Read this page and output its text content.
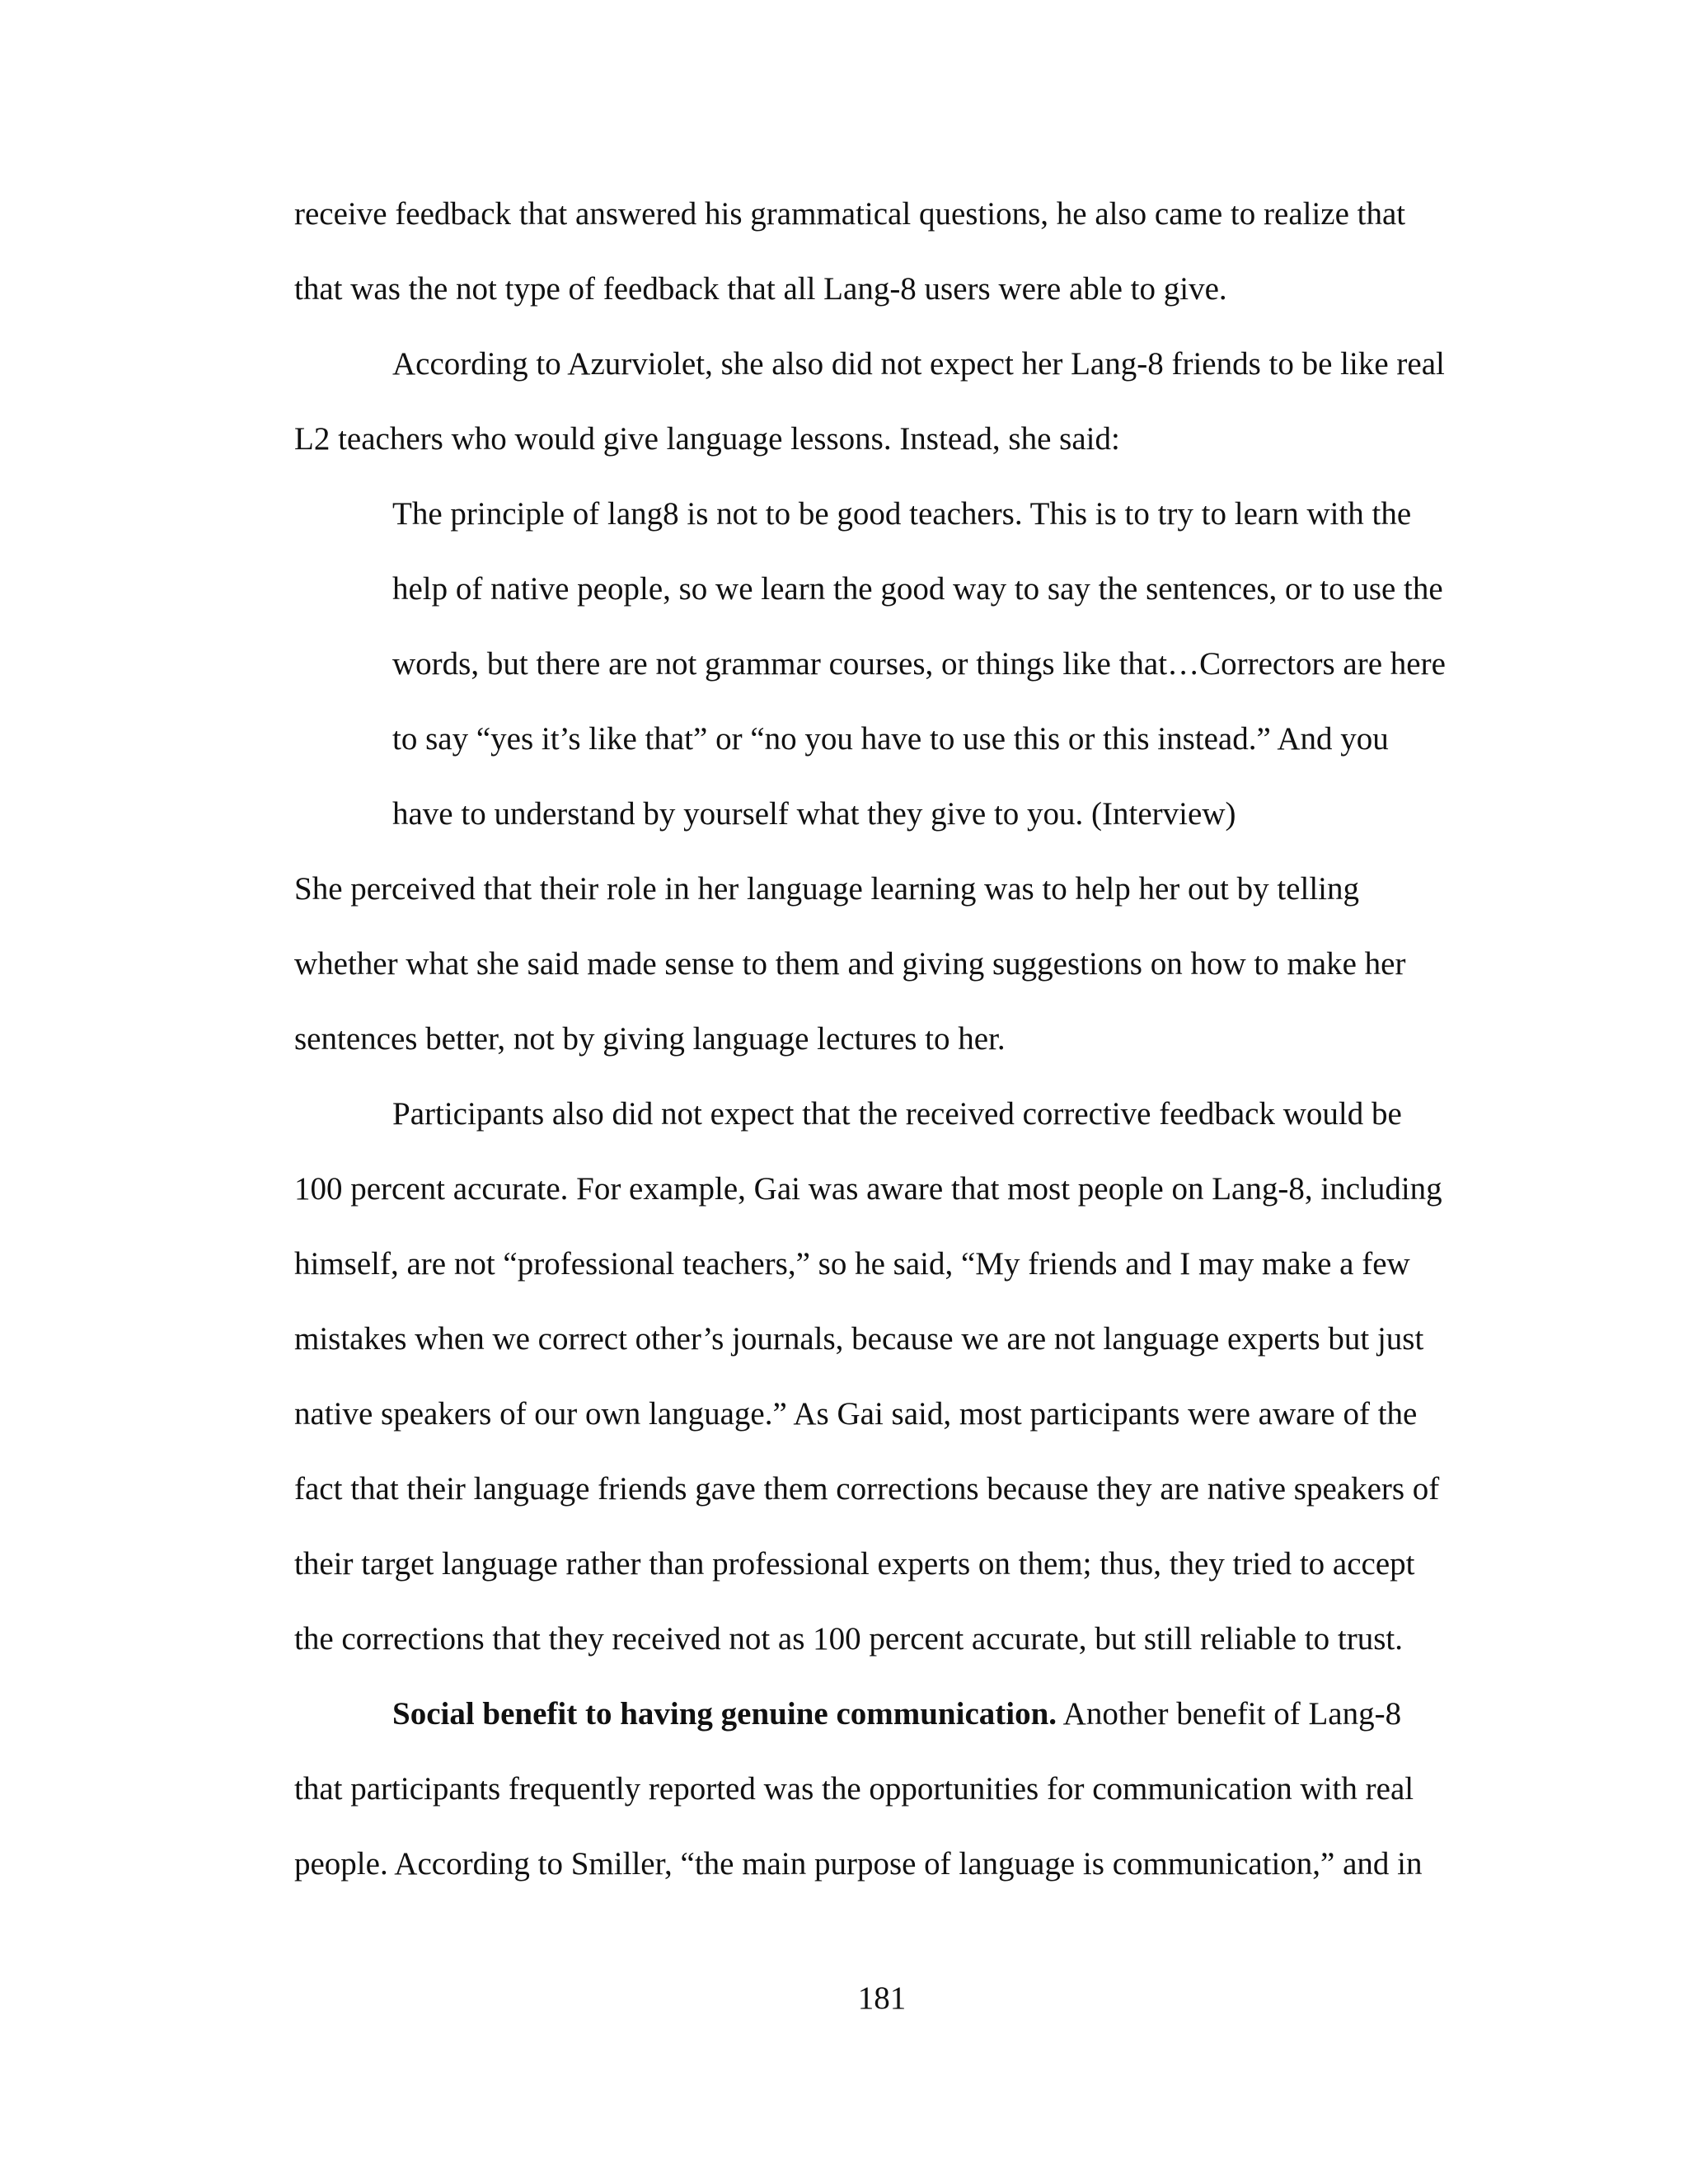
receive feedback that answered his grammatical questions, he also came to realize that
that was the not type of feedback that all Lang-8 users were able to give.
According to Azurviolet, she also did not expect her Lang-8 friends to be like real
L2 teachers who would give language lessons. Instead, she said:
The principle of lang8 is not to be good teachers. This is to try to learn with the
help of native people, so we learn the good way to say the sentences, or to use the
words, but there are not grammar courses, or things like that…Correctors are here
to say “yes it’s like that” or “no you have to use this or this instead.” And you
have to understand by yourself what they give to you. (Interview)
She perceived that their role in her language learning was to help her out by telling
whether what she said made sense to them and giving suggestions on how to make her
sentences better, not by giving language lectures to her.
Participants also did not expect that the received corrective feedback would be
100 percent accurate. For example, Gai was aware that most people on Lang-8, including
himself, are not “professional teachers,” so he said, “My friends and I may make a few
mistakes when we correct other’s journals, because we are not language experts but just
native speakers of our own language.” As Gai said, most participants were aware of the
fact that their language friends gave them corrections because they are native speakers of
their target language rather than professional experts on them; thus, they tried to accept
the corrections that they received not as 100 percent accurate, but still reliable to trust.
Social benefit to having genuine communication. Another benefit of Lang-8
that participants frequently reported was the opportunities for communication with real
people. According to Smiller, “the main purpose of language is communication,” and in
181
